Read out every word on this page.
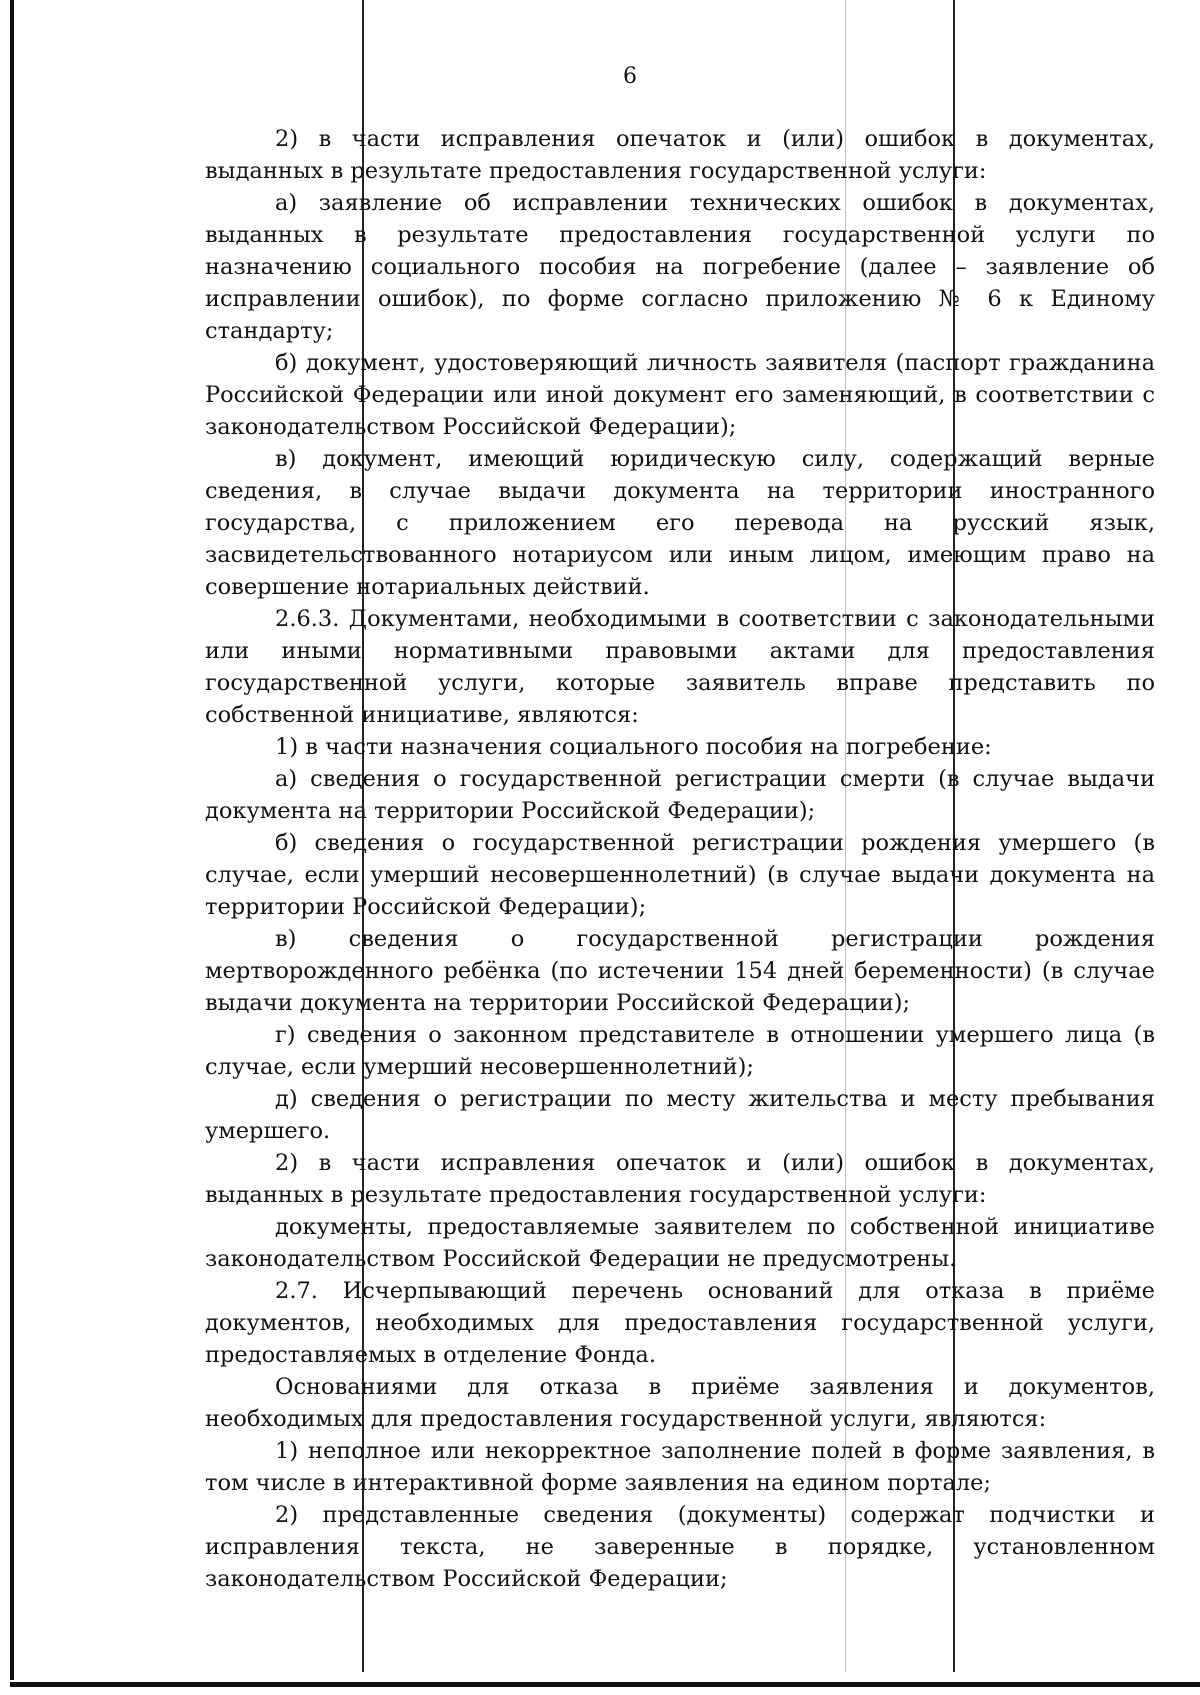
6

2) в части исправления опечаток и (или) ошибок в документах, выданных в результате предоставления государственной услуги:

а) заявление об исправлении технических ошибок в документах, выданных в результате предоставления государственной услуги по назначению социального пособия на погребение (далее – заявление об исправлении ошибок), по форме согласно приложению № 6 к Единому стандарту;

б) документ, удостоверяющий личность заявителя (паспорт гражданина Российской Федерации или иной документ его заменяющий, в соответствии с законодательством Российской Федерации);

в) документ, имеющий юридическую силу, содержащий верные сведения, в случае выдачи документа на территории иностранного государства, с приложением его перевода на русский язык, засвидетельствованного нотариусом или иным лицом, имеющим право на совершение нотариальных действий.

2.6.3. Документами, необходимыми в соответствии с законодательными или иными нормативными правовыми актами для предоставления государственной услуги, которые заявитель вправе представить по собственной инициативе, являются:

1) в части назначения социального пособия на погребение:

а) сведения о государственной регистрации смерти (в случае выдачи документа на территории Российской Федерации);

б) сведения о государственной регистрации рождения умершего (в случае, если умерший несовершеннолетний) (в случае выдачи документа на территории Российской Федерации);

в) сведения о государственной регистрации рождения мертворожденного ребёнка (по истечении 154 дней беременности) (в случае выдачи документа на территории Российской Федерации);

г) сведения о законном представителе в отношении умершего лица (в случае, если умерший несовершеннолетний);

д) сведения о регистрации по месту жительства и месту пребывания умершего.

2) в части исправления опечаток и (или) ошибок в документах, выданных в результате предоставления государственной услуги:

документы, предоставляемые заявителем по собственной инициативе законодательством Российской Федерации не предусмотрены.

2.7. Исчерпывающий перечень оснований для отказа в приёме документов, необходимых для предоставления государственной услуги, предоставляемых в отделение Фонда.

Основаниями для отказа в приёме заявления и документов, необходимых для предоставления государственной услуги, являются:

1) неполное или некорректное заполнение полей в форме заявления, в том числе в интерактивной форме заявления на едином портале;

2) представленные сведения (документы) содержат подчистки и исправления текста, не заверенные в порядке, установленном законодательством Российской Федерации;
